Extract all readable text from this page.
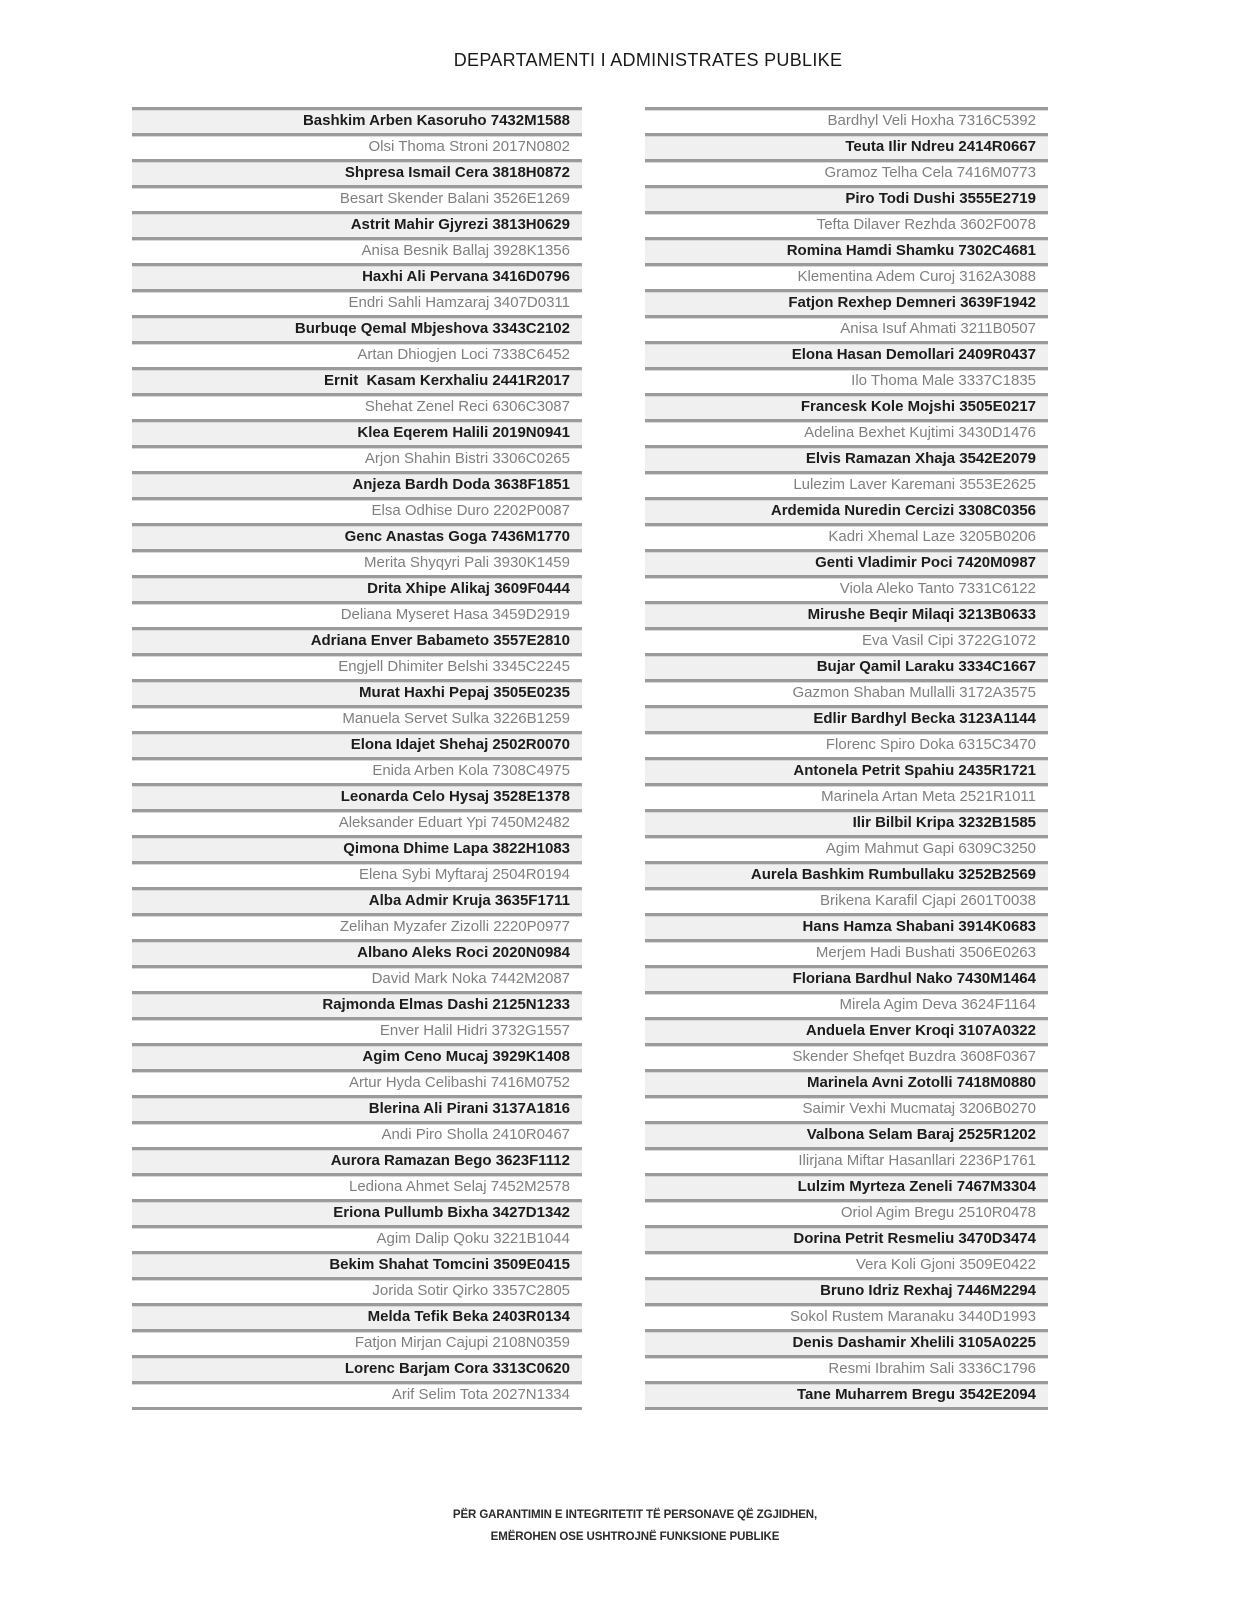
DEPARTAMENTI I ADMINISTRATES PUBLIKE
Bashkim Arben Kasoruho 7432M1588
Olsi Thoma Stroni 2017N0802
Shpresa Ismail Cera 3818H0872
Besart Skender Balani 3526E1269
Astrit Mahir Gjyrezi 3813H0629
Anisa Besnik Ballaj 3928K1356
Haxhi Ali Pervana 3416D0796
Endri Sahli Hamzaraj 3407D0311
Burbuqe Qemal Mbjeshova 3343C2102
Artan Dhiogjen Loci 7338C6452
Ernit  Kasam Kerxhaliu 2441R2017
Shehat Zenel Reci 6306C3087
Klea Eqerem Halili 2019N0941
Arjon Shahin Bistri 3306C0265
Anjeza Bardh Doda 3638F1851
Elsa Odhise Duro 2202P0087
Genc Anastas Goga 7436M1770
Merita Shyqyri Pali 3930K1459
Drita Xhipe Alikaj 3609F0444
Deliana Myseret Hasa 3459D2919
Adriana Enver Babameto 3557E2810
Engjell Dhimiter Belshi 3345C2245
Murat Haxhi Pepaj 3505E0235
Manuela Servet Sulka 3226B1259
Elona Idajet Shehaj 2502R0070
Enida Arben Kola 7308C4975
Leonarda Celo Hysaj 3528E1378
Aleksander Eduart Ypi 7450M2482
Qimona Dhime Lapa 3822H1083
Elena Sybi Myftaraj 2504R0194
Alba Admir Kruja 3635F1711
Zelihan Myzafer Zizolli 2220P0977
Albano Aleks Roci 2020N0984
David Mark Noka 7442M2087
Rajmonda Elmas Dashi 2125N1233
Enver Halil Hidri 3732G1557
Agim Ceno Mucaj 3929K1408
Artur Hyda Celibashi 7416M0752
Blerina Ali Pirani 3137A1816
Andi Piro Sholla 2410R0467
Aurora Ramazan Bego 3623F1112
Lediona Ahmet Selaj 7452M2578
Eriona Pullumb Bixha 3427D1342
Agim Dalip Qoku 3221B1044
Bekim Shahat Tomcini 3509E0415
Jorida Sotir Qirko 3357C2805
Melda Tefik Beka 2403R0134
Fatjon Mirjan Cajupi 2108N0359
Lorenc Barjam Cora 3313C0620
Arif Selim Tota 2027N1334
Bardhyl Veli Hoxha 7316C5392
Teuta Ilir Ndreu 2414R0667
Gramoz Telha Cela 7416M0773
Piro Todi Dushi 3555E2719
Tefta Dilaver Rezhda 3602F0078
Romina Hamdi Shamku 7302C4681
Klementina Adem Curoj 3162A3088
Fatjon Rexhep Demneri 3639F1942
Anisa Isuf Ahmati 3211B0507
Elona Hasan Demollari 2409R0437
Ilo Thoma Male 3337C1835
Francesk Kole Mojshi 3505E0217
Adelina Bexhet Kujtimi 3430D1476
Elvis Ramazan Xhaja 3542E2079
Lulezim Laver Karemani 3553E2625
Ardemida Nuredin Cercizi 3308C0356
Kadri Xhemal Laze 3205B0206
Genti Vladimir Poci 7420M0987
Viola Aleko Tanto 7331C6122
Mirushe Beqir Milaqi 3213B0633
Eva Vasil Cipi 3722G1072
Bujar Qamil Laraku 3334C1667
Gazmon Shaban Mullalli 3172A3575
Edlir Bardhyl Becka 3123A1144
Florenc Spiro Doka 6315C3470
Antonela Petrit Spahiu 2435R1721
Marinela Artan Meta 2521R1011
Ilir Bilbil Kripa 3232B1585
Agim Mahmut Gapi 6309C3250
Aurela Bashkim Rumbullaku 3252B2569
Brikena Karafil Cjapi 2601T0038
Hans Hamza Shabani 3914K0683
Merjem Hadi Bushati 3506E0263
Floriana Bardhul Nako 7430M1464
Mirela Agim Deva 3624F1164
Anduela Enver Kroqi 3107A0322
Skender Shefqet Buzdra 3608F0367
Marinela Avni Zotolli 7418M0880
Saimir Vexhi Mucmataj 3206B0270
Valbona Selam Baraj 2525R1202
Ilirjana Miftar Hasanllari 2236P1761
Lulzim Myrteza Zeneli 7467M3304
Oriol Agim Bregu 2510R0478
Dorina Petrit Resmeliu 3470D3474
Vera Koli Gjoni 3509E0422
Bruno Idriz Rexhaj 7446M2294
Sokol Rustem Maranaku 3440D1993
Denis Dashamir Xhelili 3105A0225
Resmi Ibrahim Sali 3336C1796
Tane Muharrem Bregu 3542E2094
PËR GARANTIMIN E INTEGRITETIT TË PERSONAVE QË ZGJIDHEN,
EMËROHEN OSE USHTROJNË FUNKSIONE PUBLIKE
